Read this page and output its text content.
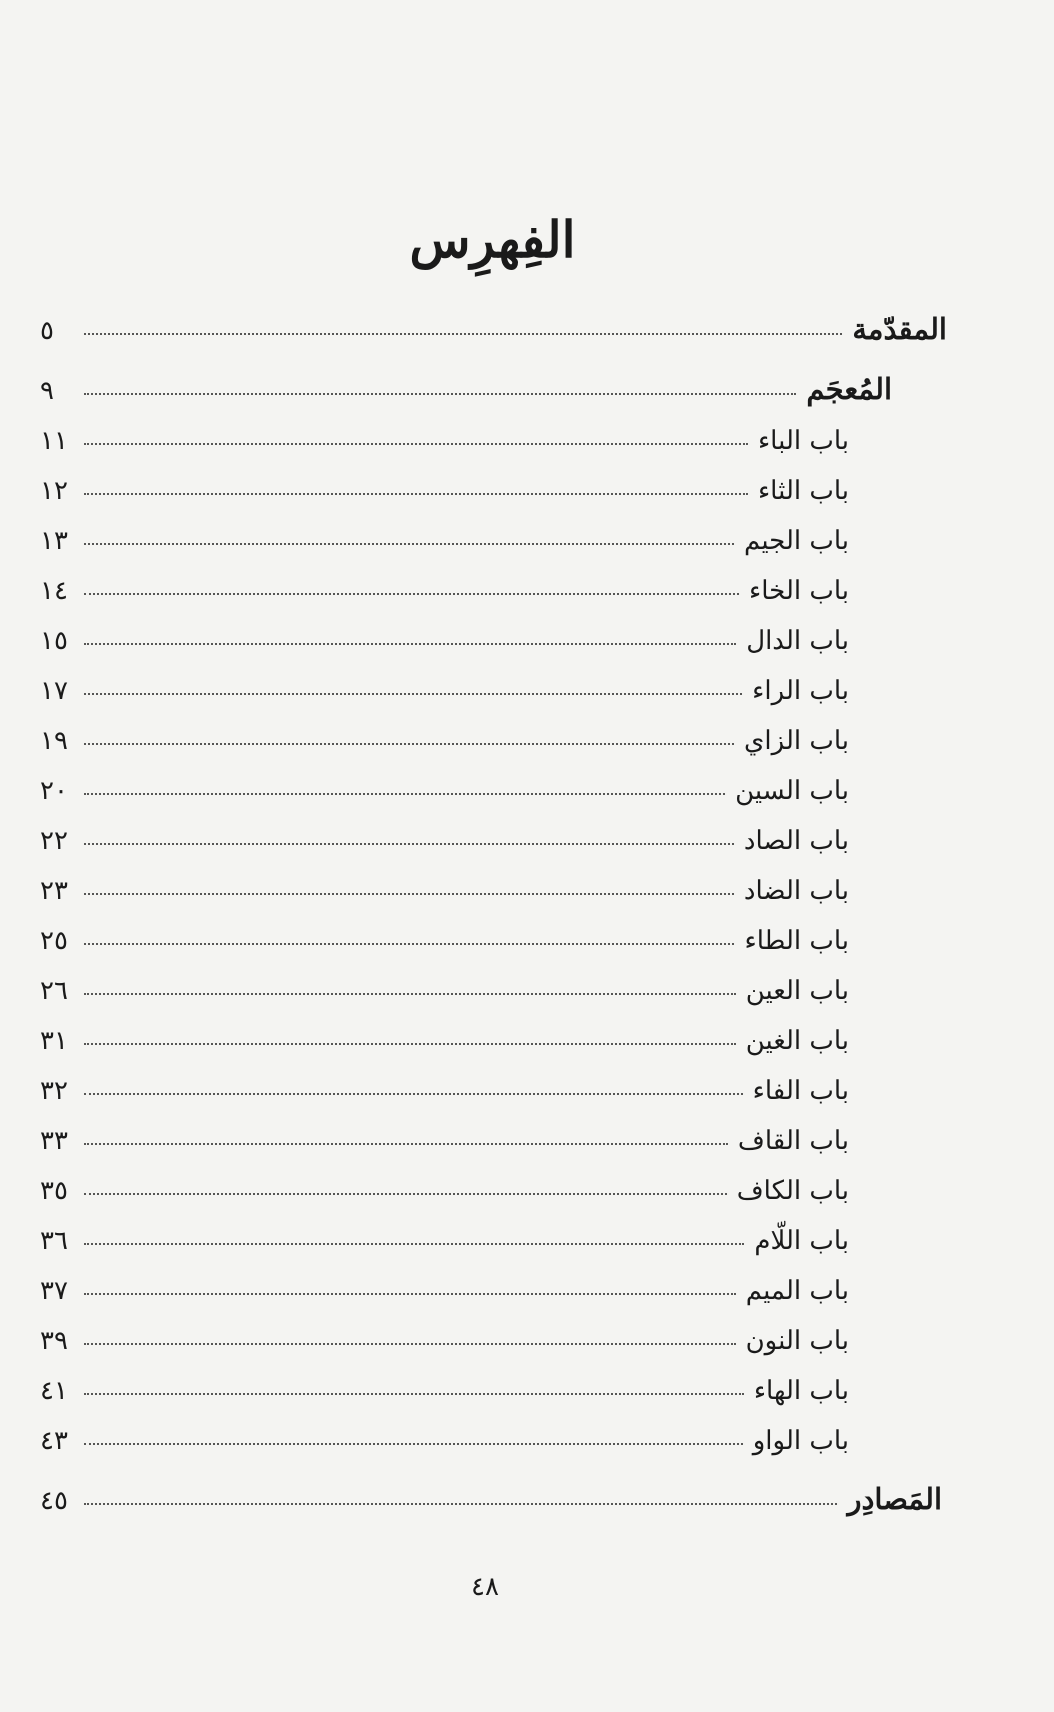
الفِهرِس
المقدّمة
٥
المُعجَم
٩
باب الباء
١١
باب الثاء
١٢
باب الجيم
١٣
باب الخاء
١٤
باب الدال
١٥
باب الراء
١٧
باب الزاي
١٩
باب السين
٢٠
باب الصاد
٢٢
باب الضاد
٢٣
باب الطاء
٢٥
باب العين
٢٦
باب الغين
٣١
باب الفاء
٣٢
باب القاف
٣٣
باب الكاف
٣٥
باب اللّام
٣٦
باب الميم
٣٧
باب النون
٣٩
باب الهاء
٤١
باب الواو
٤٣
المَصادِر
٤٥
٤٨
